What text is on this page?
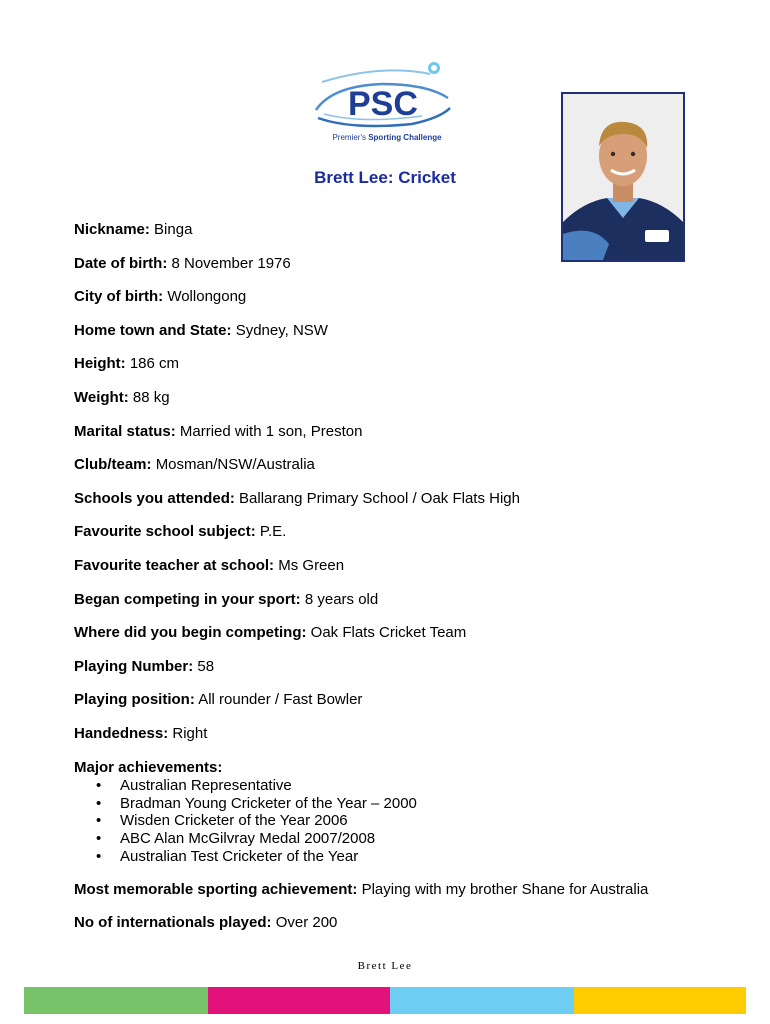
PSC
Premier's Sporting Challenge
Brett Lee: Cricket
Nickname: Binga
Date of birth: 8 November 1976
City of birth: Wollongong
Home town and State: Sydney, NSW
Height: 186 cm
Weight: 88 kg
Marital status: Married with 1 son, Preston
Club/team: Mosman/NSW/Australia
Schools you attended: Ballarang Primary School / Oak Flats High
Favourite school subject: P.E.
Favourite teacher at school: Ms Green
Began competing in your sport: 8 years old
Where did you begin competing: Oak Flats Cricket Team
Playing Number: 58
Playing position: All rounder / Fast Bowler
Handedness: Right
Major achievements:
• Australian Representative
• Bradman Young Cricketer of the Year – 2000
• Wisden Cricketer of the Year 2006
• ABC Alan McGilvray Medal 2007/2008
• Australian Test Cricketer of the Year
Most memorable sporting achievement: Playing with my brother Shane for Australia
No of internationals played: Over 200
Brett Lee
